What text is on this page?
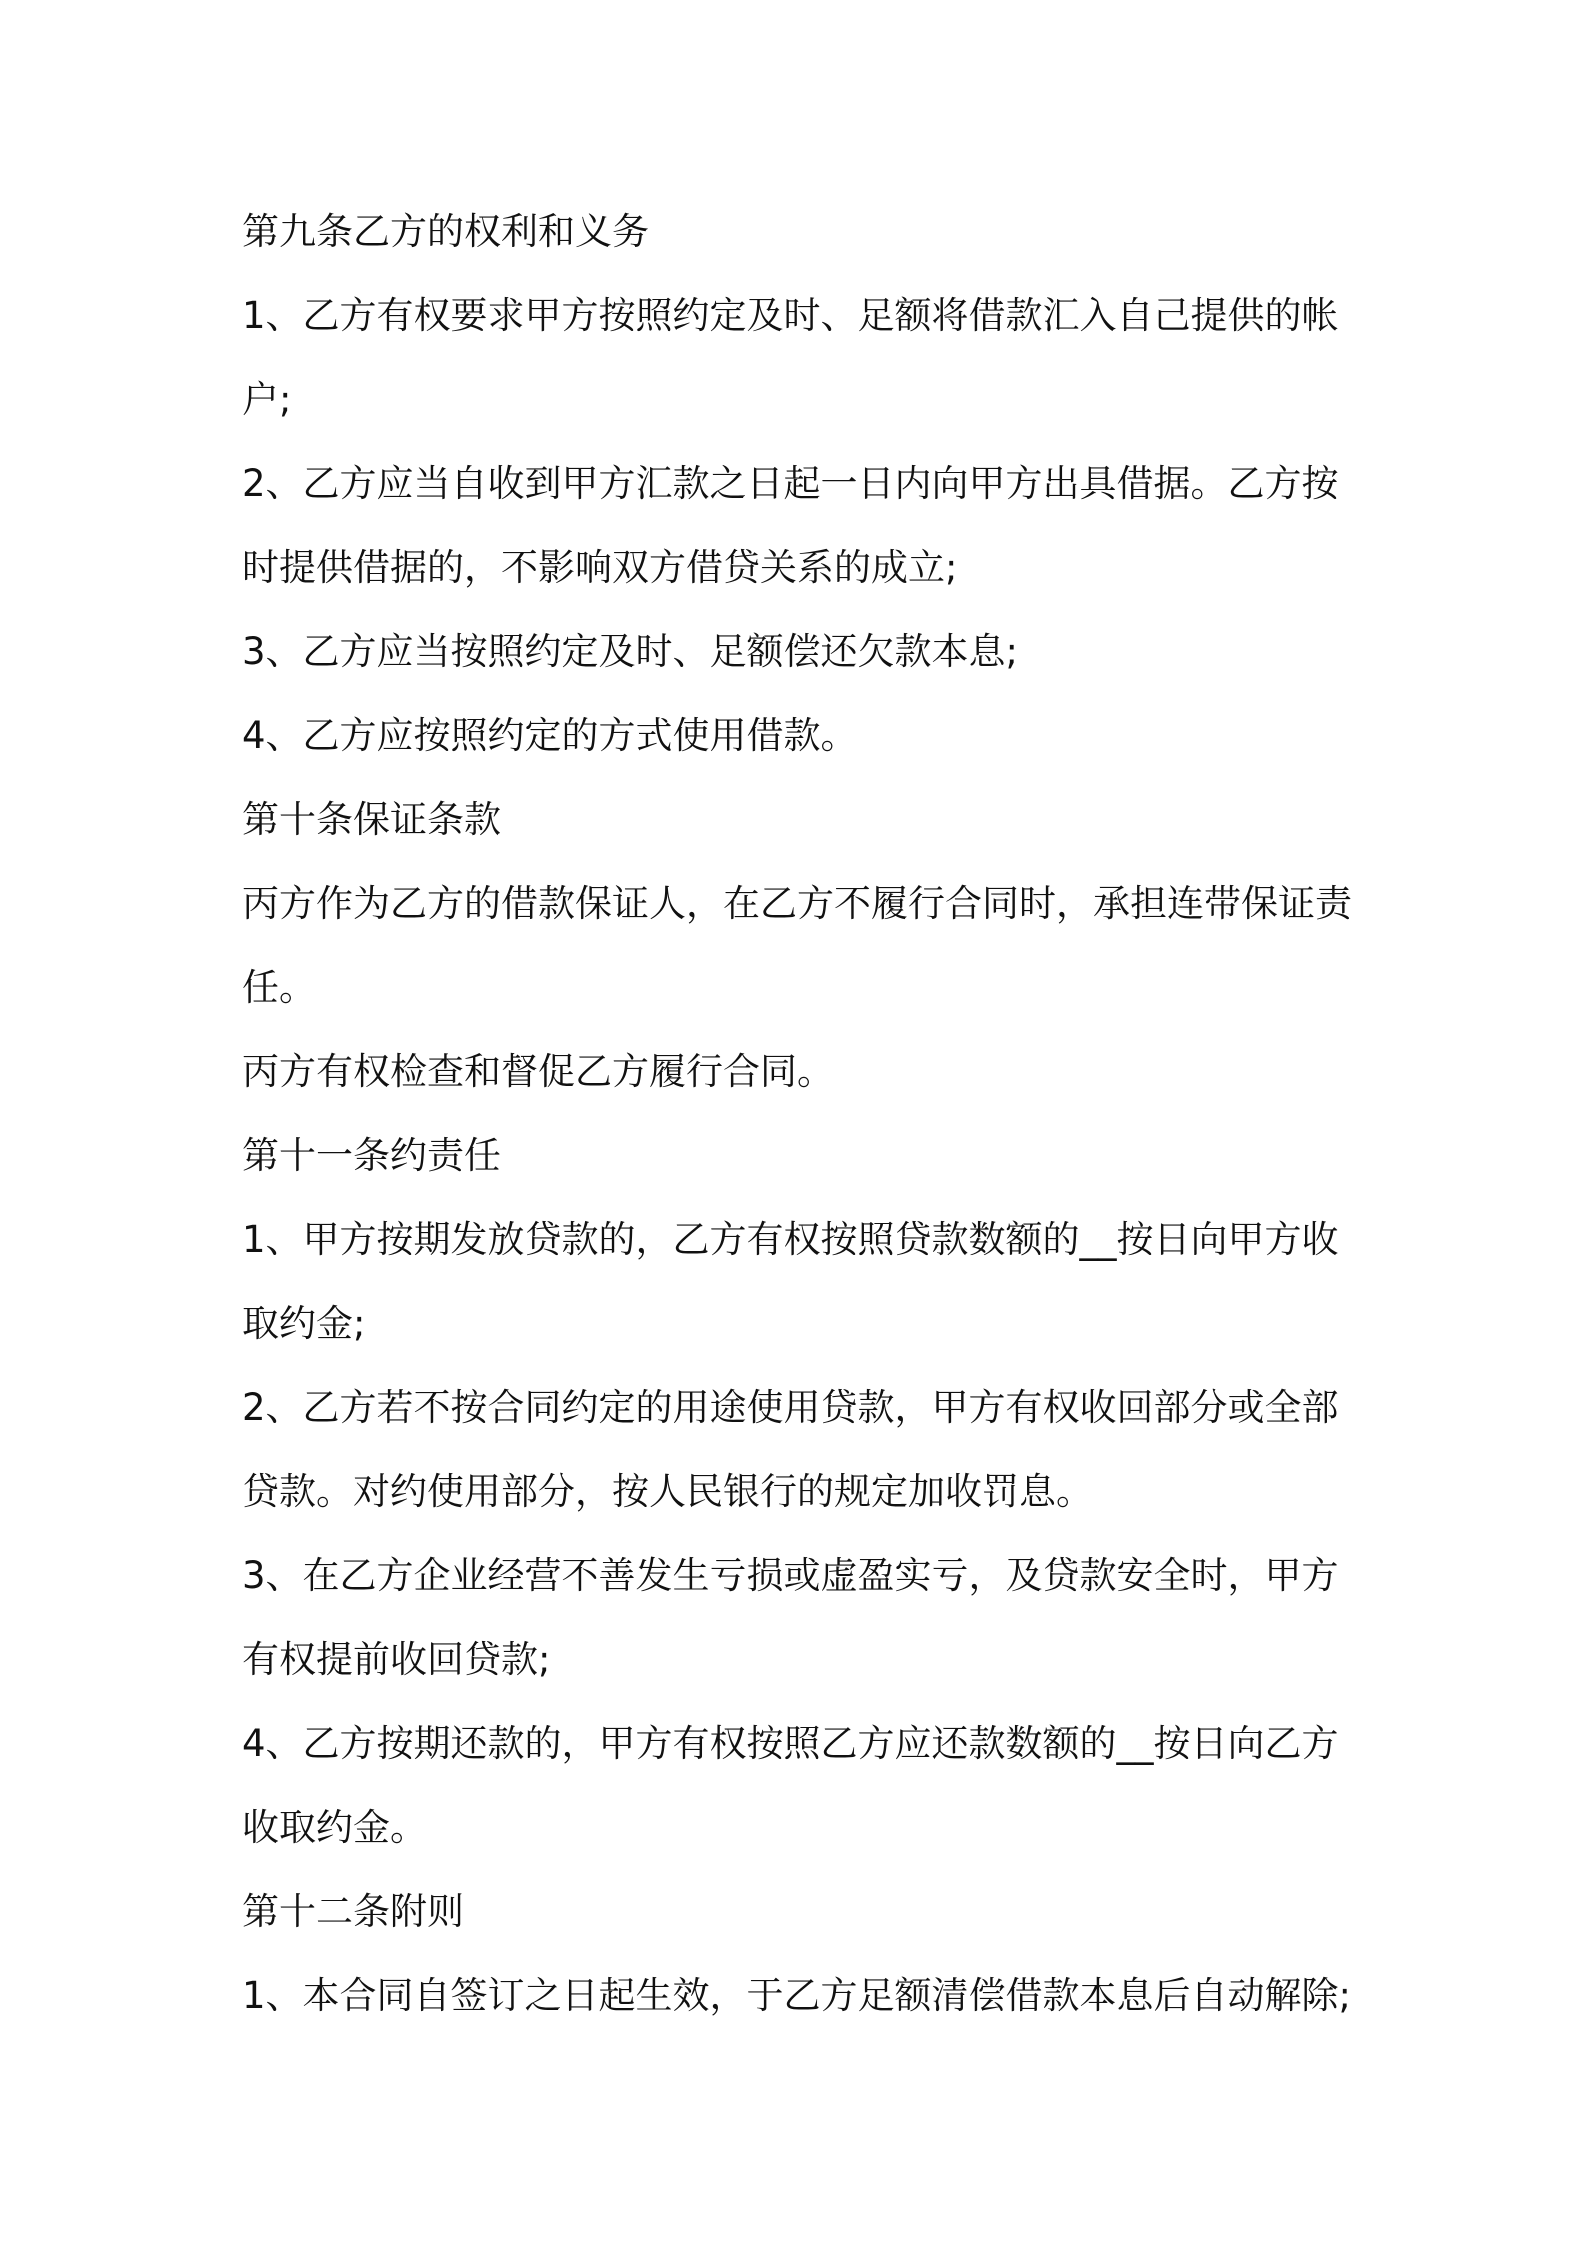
第九条乙方的权利和义务

1、乙方有权要求甲方按照约定及时、足额将借款汇入自己提供的帐

户;

2、乙方应当自收到甲方汇款之日起一日内向甲方出具借据。乙方按

时提供借据的，不影响双方借贷关系的成立;

3、乙方应当按照约定及时、足额偿还欠款本息;

4、乙方应按照约定的方式使用借款。

第十条保证条款

丙方作为乙方的借款保证人，在乙方不履行合同时，承担连带保证责

任。

丙方有权检查和督促乙方履行合同。

第十一条约责任

1、甲方按期发放贷款的，乙方有权按照贷款数额的__按日向甲方收

取约金;

2、乙方若不按合同约定的用途使用贷款，甲方有权收回部分或全部

贷款。对约使用部分，按人民银行的规定加收罚息。

3、在乙方企业经营不善发生亏损或虚盈实亏，及贷款安全时，甲方

有权提前收回贷款;

4、乙方按期还款的，甲方有权按照乙方应还款数额的__按日向乙方

收取约金。

第十二条附则

1、本合同自签订之日起生效，于乙方足额清偿借款本息后自动解除;
